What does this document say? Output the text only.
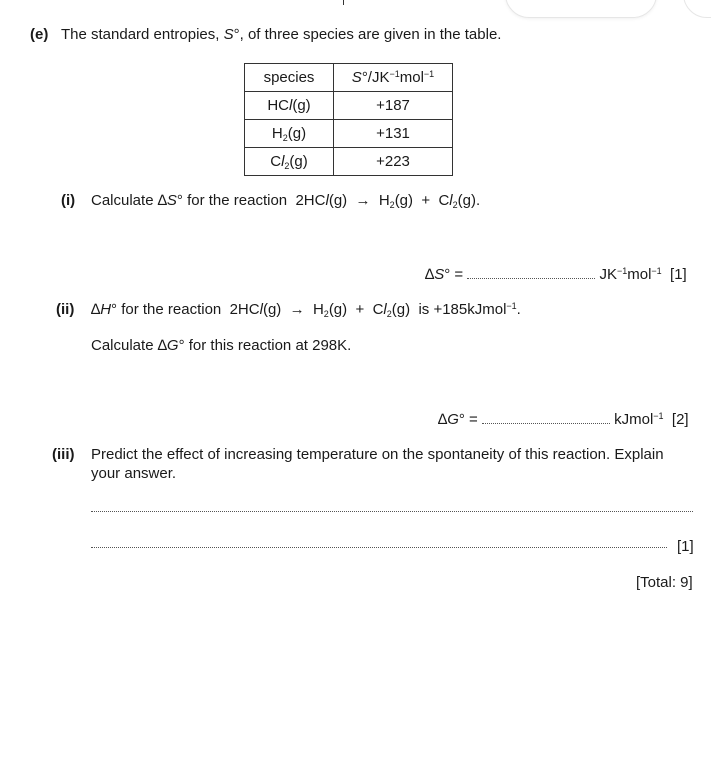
(e) The standard entropies, S°, of three species are given in the table.
species	$S^\circ/JK^{-1}mol^{-1}$
HCl(g)	+187
$H_2(g)$	+131
$Cl_2(g)$	+223
(i) Calculate ∆S° for the reaction  $2HCl(g) \to H_2(g) + Cl_2(g)$.
∆S° =	$JK^{-1}mol^{-1}$ [1]
(ii) ∆H° for the reaction  $2HCl(g) \to H_2(g) + Cl_2(g)$  is +185kJmol$^{-1}$.
Calculate ∆G° for this reaction at 298K.
∆G° =	kJmol$^{-1}$ [2]
(iii) Predict the effect of increasing temperature on the spontaneity of this reaction. Explain
your answer.
[1]
[Total: 9]
